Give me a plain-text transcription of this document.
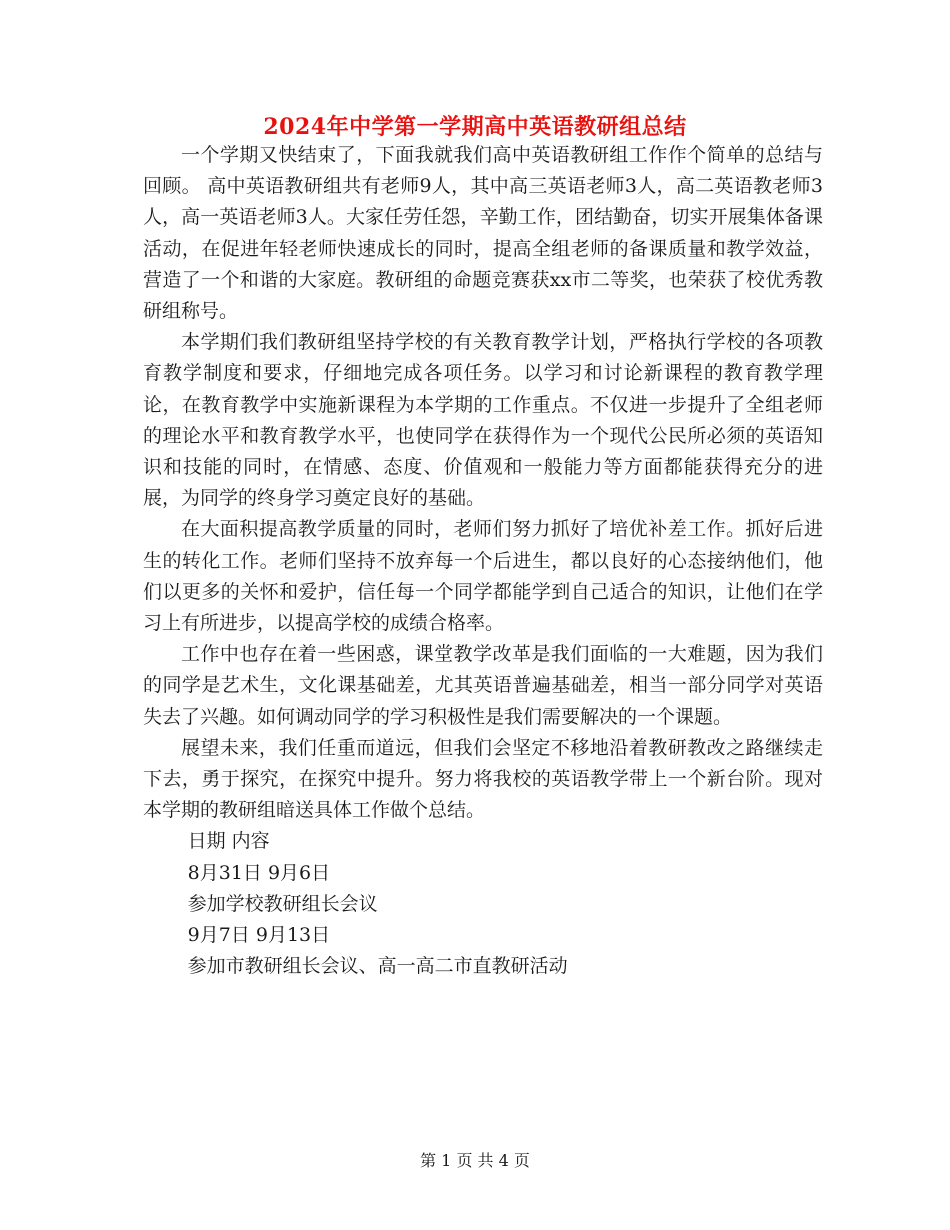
2024年中学第一学期高中英语教研组总结

一个学期又快结束了，下面我就我们高中英语教研组工作作个简单的总结与回顾。 高中英语教研组共有老师9人，其中高三英语老师3人，高二英语教老师3人，高一英语老师3人。大家任劳任怨，辛勤工作，团结勤奋，切实开展集体备课活动，在促进年轻老师快速成长的同时，提高全组老师的备课质量和教学效益，营造了一个和谐的大家庭。教研组的命题竞赛获xx市二等奖，也荣获了校优秀教研组称号。

本学期们我们教研组坚持学校的有关教育教学计划，严格执行学校的各项教育教学制度和要求，仔细地完成各项任务。以学习和讨论新课程的教育教学理论，在教育教学中实施新课程为本学期的工作重点。不仅进一步提升了全组老师的理论水平和教育教学水平，也使同学在获得作为一个现代公民所必须的英语知识和技能的同时，在情感、态度、价值观和一般能力等方面都能获得充分的进展，为同学的终身学习奠定良好的基础。

在大面积提高教学质量的同时，老师们努力抓好了培优补差工作。抓好后进生的转化工作。老师们坚持不放弃每一个后进生，都以良好的心态接纳他们，他们以更多的关怀和爱护，信任每一个同学都能学到自己适合的知识，让他们在学习上有所进步，以提高学校的成绩合格率。

工作中也存在着一些困惑，课堂教学改革是我们面临的一大难题，因为我们的同学是艺术生，文化课基础差，尤其英语普遍基础差，相当一部分同学对英语失去了兴趣。如何调动同学的学习积极性是我们需要解决的一个课题。

展望未来，我们任重而道远，但我们会坚定不移地沿着教研教改之路继续走下去，勇于探究，在探究中提升。努力将我校的英语教学带上一个新台阶。现对本学期的教研组暗送具体工作做个总结。

日期 内容
8月31日 9月6日
参加学校教研组长会议
9月7日 9月13日
参加市教研组长会议、高一高二市直教研活动
第 1 页 共 4 页
